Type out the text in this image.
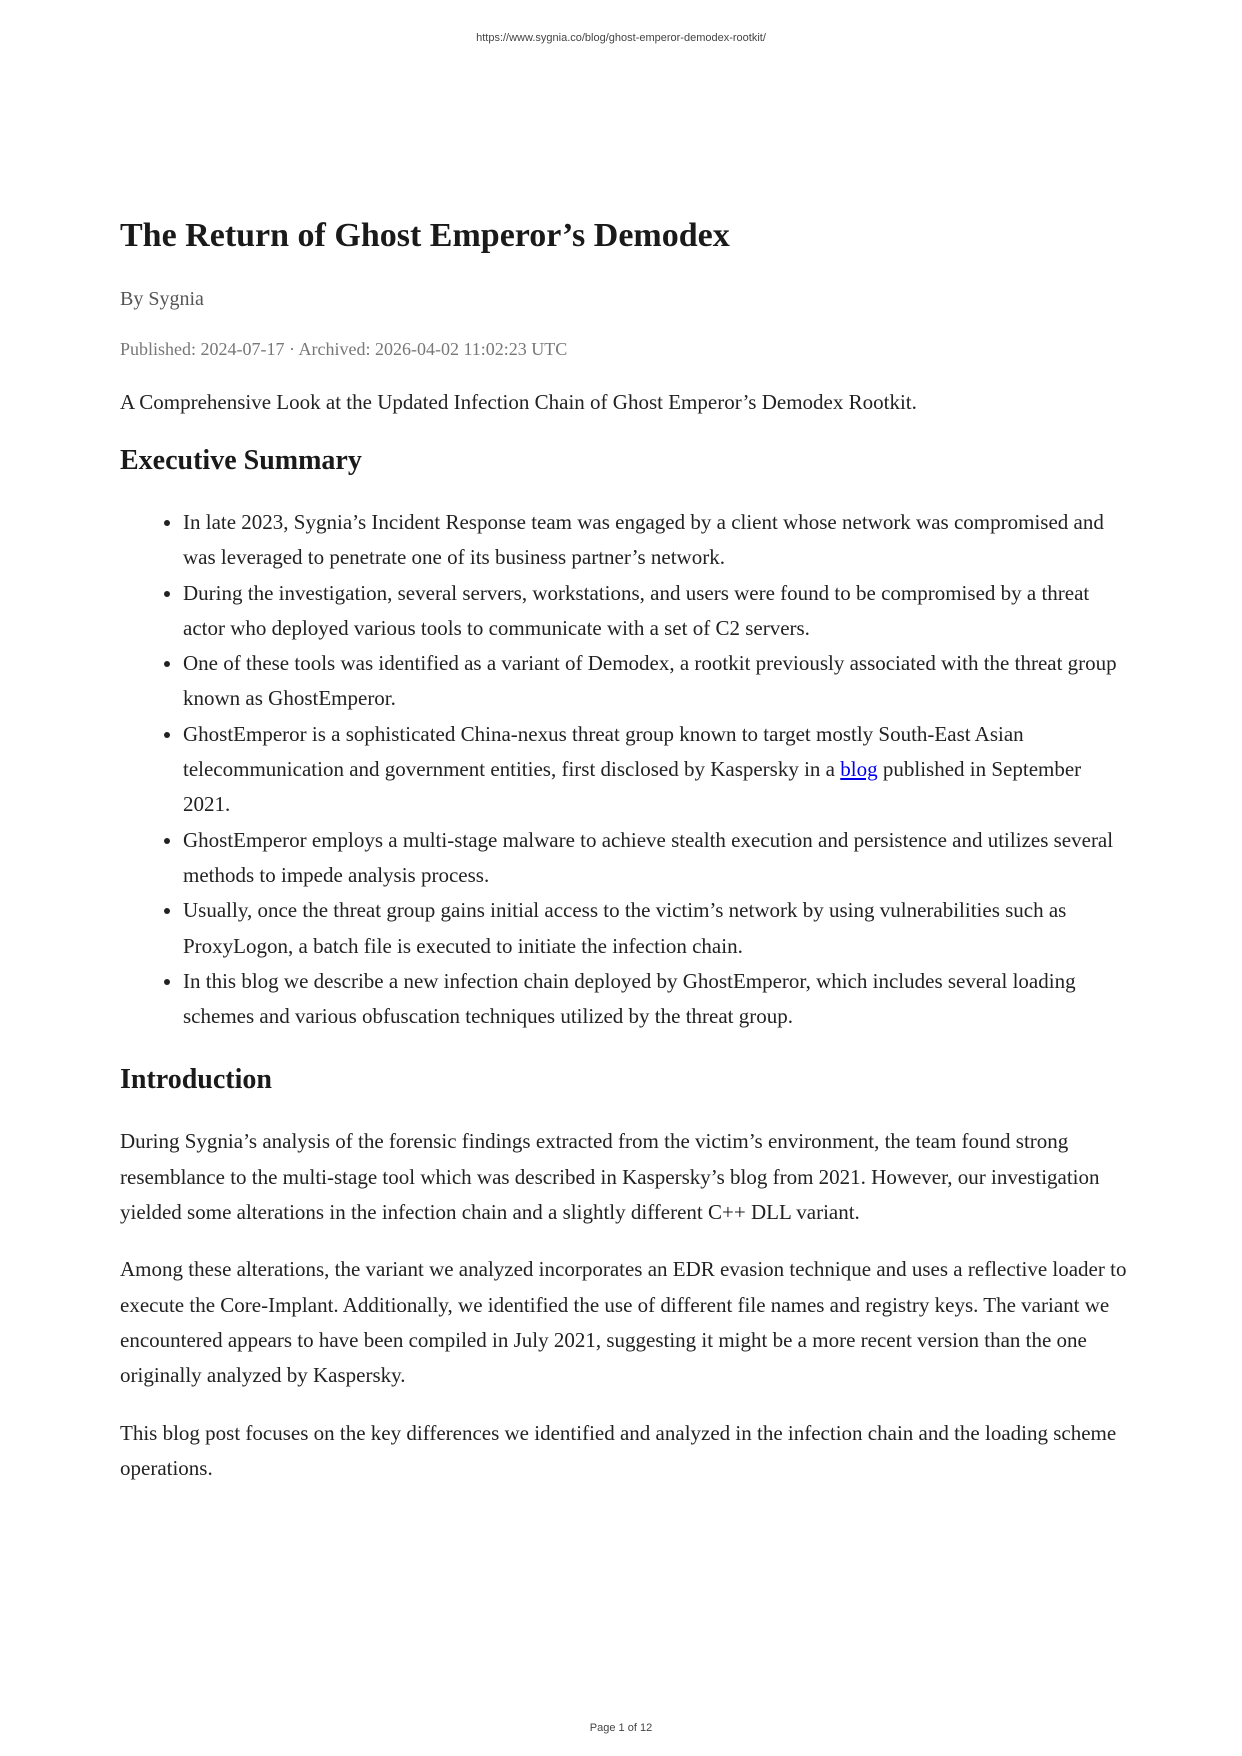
https://www.sygnia.co/blog/ghost-emperor-demodex-rootkit/
The Return of Ghost Emperor’s Demodex
By Sygnia
Published: 2024-07-17 · Archived: 2026-04-02 11:02:23 UTC
A Comprehensive Look at the Updated Infection Chain of Ghost Emperor’s Demodex Rootkit.
Executive Summary
• In late 2023, Sygnia’s Incident Response team was engaged by a client whose network was compromised and was leveraged to penetrate one of its business partner’s network.
• During the investigation, several servers, workstations, and users were found to be compromised by a threat actor who deployed various tools to communicate with a set of C2 servers.
• One of these tools was identified as a variant of Demodex, a rootkit previously associated with the threat group known as GhostEmperor.
• GhostEmperor is a sophisticated China-nexus threat group known to target mostly South-East Asian telecommunication and government entities, first disclosed by Kaspersky in a blog published in September 2021.
• GhostEmperor employs a multi-stage malware to achieve stealth execution and persistence and utilizes several methods to impede analysis process.
• Usually, once the threat group gains initial access to the victim’s network by using vulnerabilities such as ProxyLogon, a batch file is executed to initiate the infection chain.
• In this blog we describe a new infection chain deployed by GhostEmperor, which includes several loading schemes and various obfuscation techniques utilized by the threat group.
Introduction

During Sygnia’s analysis of the forensic findings extracted from the victim’s environment, the team found strong resemblance to the multi-stage tool which was described in Kaspersky’s blog from 2021. However, our investigation yielded some alterations in the infection chain and a slightly different C++ DLL variant.

Among these alterations, the variant we analyzed incorporates an EDR evasion technique and uses a reflective loader to execute the Core-Implant. Additionally, we identified the use of different file names and registry keys. The variant we encountered appears to have been compiled in July 2021, suggesting it might be a more recent version than the one originally analyzed by Kaspersky.

This blog post focuses on the key differences we identified and analyzed in the infection chain and the loading scheme operations.

Page 1 of 12
